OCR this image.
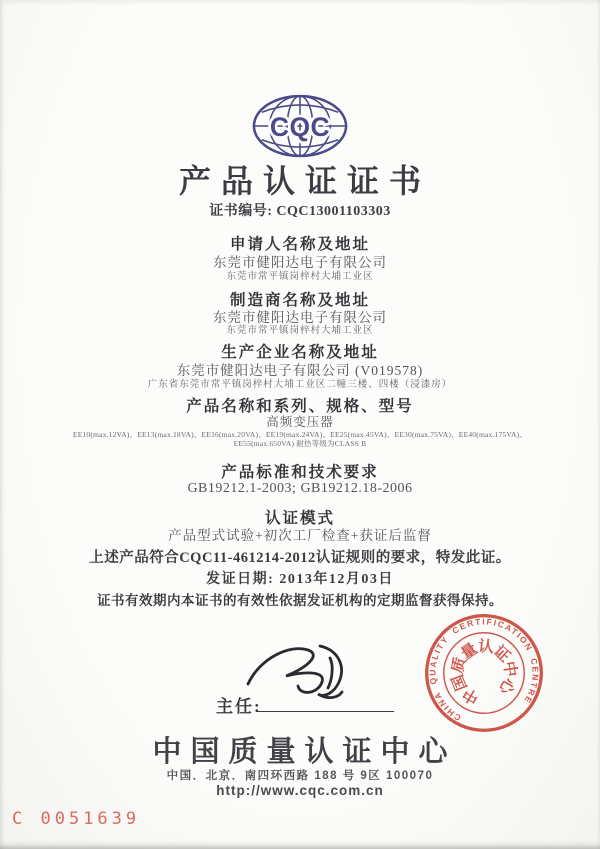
CQC
产品认证证书
证书编号: CQC13001103303
申请人名称及地址
东莞市健阳达电子有限公司
东莞市常平镇岗梓村大埔工业区
制造商名称及地址
东莞市健阳达电子有限公司
东莞市常平镇岗梓村大埔工业区
生产企业名称及地址
东莞市健阳达电子有限公司 (V019578)
广东省东莞市常平镇岗梓村大埔工业区二幢三楼、四楼（浸漆房）
产品名称和系列、规格、型号
高频变压器
EE10(max.12VA)、EE13(max.18VA)、EE16(max.20VA)、EE19(max.24VA)、EE25(max.45VA)、EE30(max.75VA)、EE40(max.175VA)、
EE55(max.650VA) 耐热等级为CLASS B
产品标准和技术要求
GB19212.1-2003; GB19212.18-2006
认证模式
产品型式试验+初次工厂检查+获证后监督
上述产品符合CQC11-461214-2012认证规则的要求，特发此证。
发证日期: 2013年12月03日
证书有效期内本证书的有效性依据发证机构的定期监督获得保持。
主任:
CHINA QUALITY CERTIFICATION CENTRE
中
国
质
量
认
证
中
心
中国质量认证中心
中国．北京．南四环西路 188 号 9区 100070
http://www.cqc.com.cn
C 0051639
